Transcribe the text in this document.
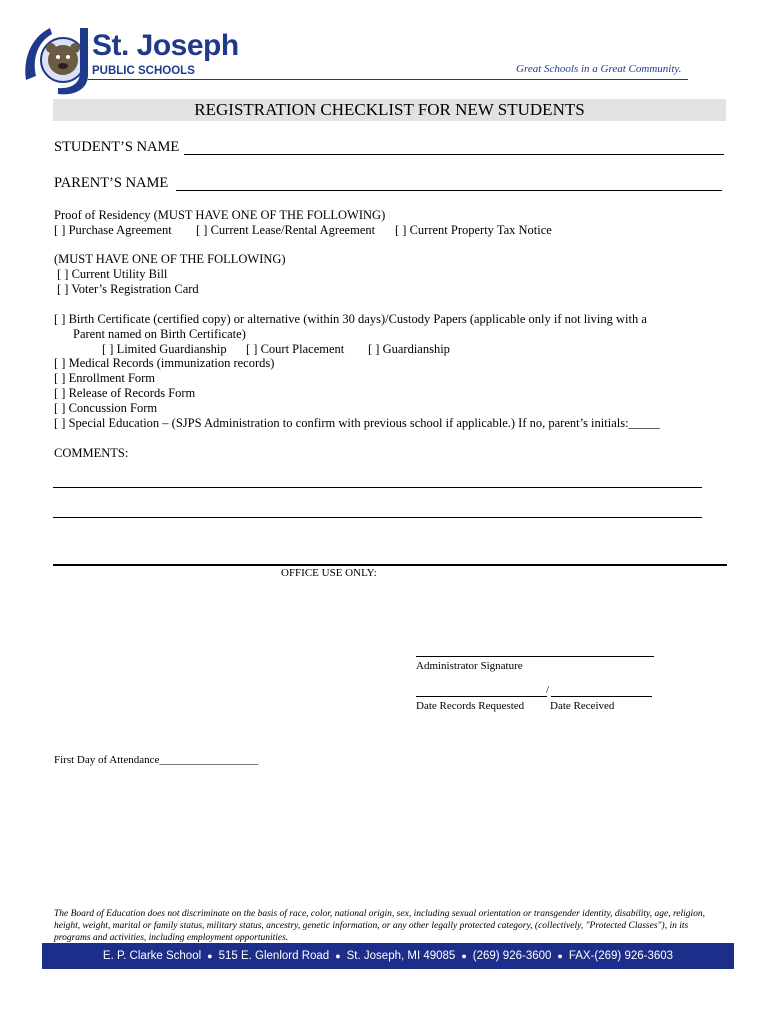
St. Joseph
PUBLIC SCHOOLS	Great Schools in a Great Community.
REGISTRATION CHECKLIST FOR NEW STUDENTS
STUDENT’S NAME
PARENT’S NAME
Proof of Residency (MUST HAVE ONE OF THE FOLLOWING)
[ ] Purchase Agreement [ ] Current Lease/Rental Agreement [ ] Current Property Tax Notice
(MUST HAVE ONE OF THE FOLLOWING)
[ ] Current Utility Bill
[ ] Voter’s Registration Card
[ ] Birth Certificate (certified copy) or alternative (within 30 days)/Custody Papers (applicable only if not living with a
Parent named on Birth Certificate)
[ ] Limited Guardianship [ ] Court Placement [ ] Guardianship
[ ] Medical Records (immunization records)
[ ] Enrollment Form
[ ] Release of Records Form
[ ] Concussion Form
[ ] Special Education – (SJPS Administration to confirm with previous school if applicable.) If no, parent’s initials:_____
COMMENTS:
OFFICE USE ONLY:
Administrator Signature
/
Date Records Requested Date Received
First Day of Attendance__________________
The Board of Education does not discriminate on the basis of race, color, national origin, sex, including sexual orientation or transgender identity, disability, age, religion, height, weight, marital or family status, military status, ancestry, genetic information, or any other legally protected category, (collectively, "Protected Classes"), in its programs and activities, including employment opportunities.
E. P. Clarke School ● 515 E. Glenlord Road ● St. Joseph, MI 49085 ● (269) 926-3600 ● FAX-(269) 926-3603
